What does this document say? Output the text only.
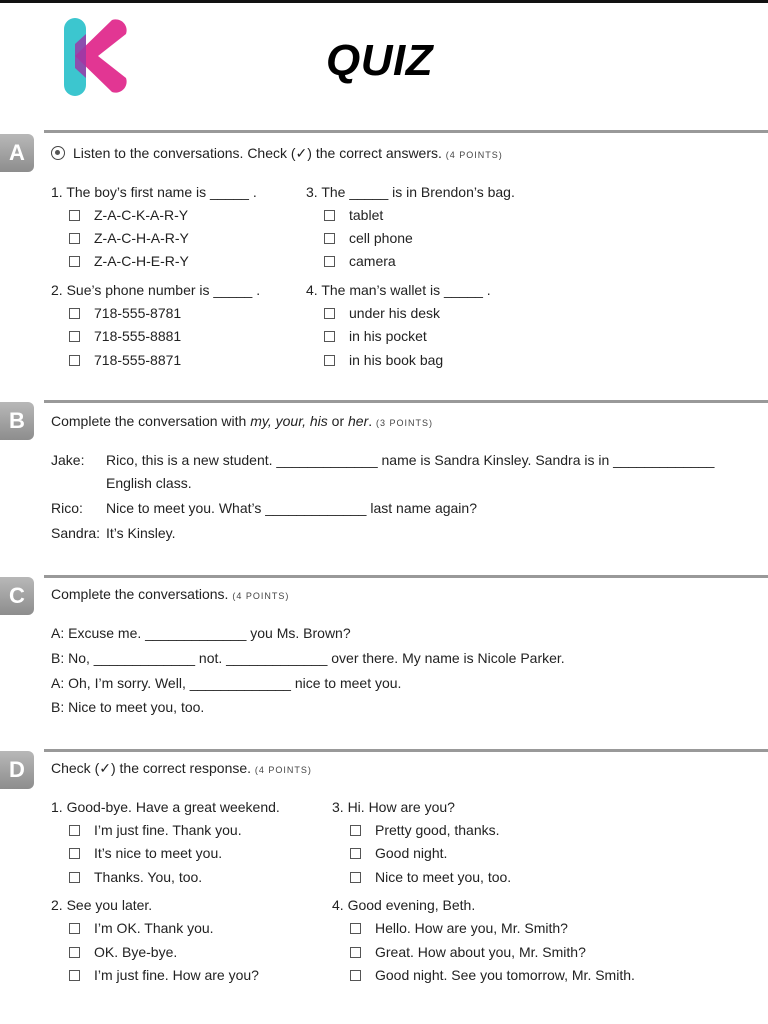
QUIZ
A	Listen to the conversations. Check (✓) the correct answers. (4 POINTS)
1. The boy’s first name is _____ .
Z-A-C-K-A-R-Y
Z-A-C-H-A-R-Y
Z-A-C-H-E-R-Y
2. Sue’s phone number is _____ .
718-555-8781
718-555-8881
718-555-8871
3. The _____ is in Brendon’s bag.
tablet
cell phone
camera
4. The man’s wallet is _____ .
under his desk
in his pocket
in his book bag
B	Complete the conversation with my, your, his or her. (3 POINTS)
Jake: Rico, this is a new student. _____________ name is Sandra Kinsley. Sandra is in _____________
English class.
Rico: Nice to meet you. What’s _____________ last name again?
Sandra: It’s Kinsley.
C	Complete the conversations. (4 POINTS)
A: Excuse me. _____________ you Ms. Brown?
B: No, _____________ not. _____________ over there. My name is Nicole Parker.
A: Oh, I’m sorry. Well, _____________ nice to meet you.
B: Nice to meet you, too.
D	Check (✓) the correct response. (4 POINTS)
1. Good-bye. Have a great weekend.
I’m just fine. Thank you.
It’s nice to meet you.
Thanks. You, too.
2. See you later.
I’m OK. Thank you.
OK. Bye-bye.
I’m just fine. How are you?
3. Hi. How are you?
Pretty good, thanks.
Good night.
Nice to meet you, too.
4. Good evening, Beth.
Hello. How are you, Mr. Smith?
Great. How about you, Mr. Smith?
Good night. See you tomorrow, Mr. Smith.
